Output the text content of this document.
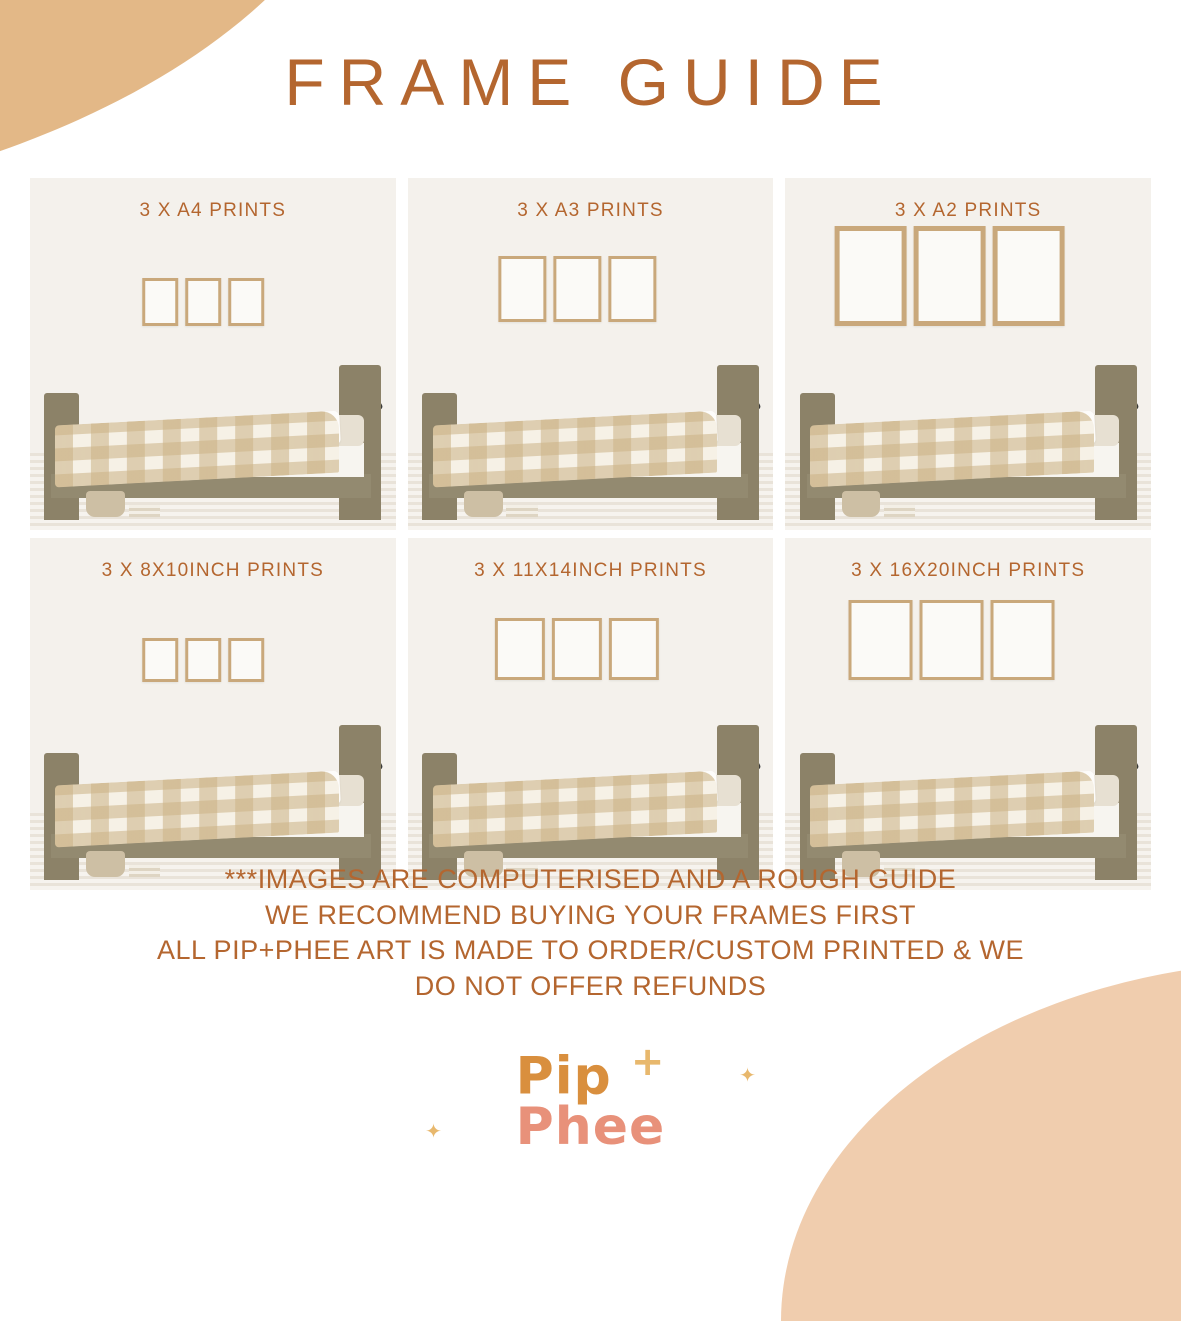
FRAME GUIDE

3 X A4 PRINTS	3 X A3 PRINTS	3 X A2 PRINTS

3 X 8X10INCH PRINTS	3 X 11X14INCH PRINTS	3 X 16X20INCH PRINTS
***IMAGES ARE COMPUTERISED AND A ROUGH GUIDE
WE RECOMMEND BUYING YOUR FRAMES FIRST
ALL PIP+PHEE ART IS MADE TO ORDER/CUSTOM PRINTED & WE
DO NOT OFFER REFUNDS
Pip +
Phee
✦
✦
